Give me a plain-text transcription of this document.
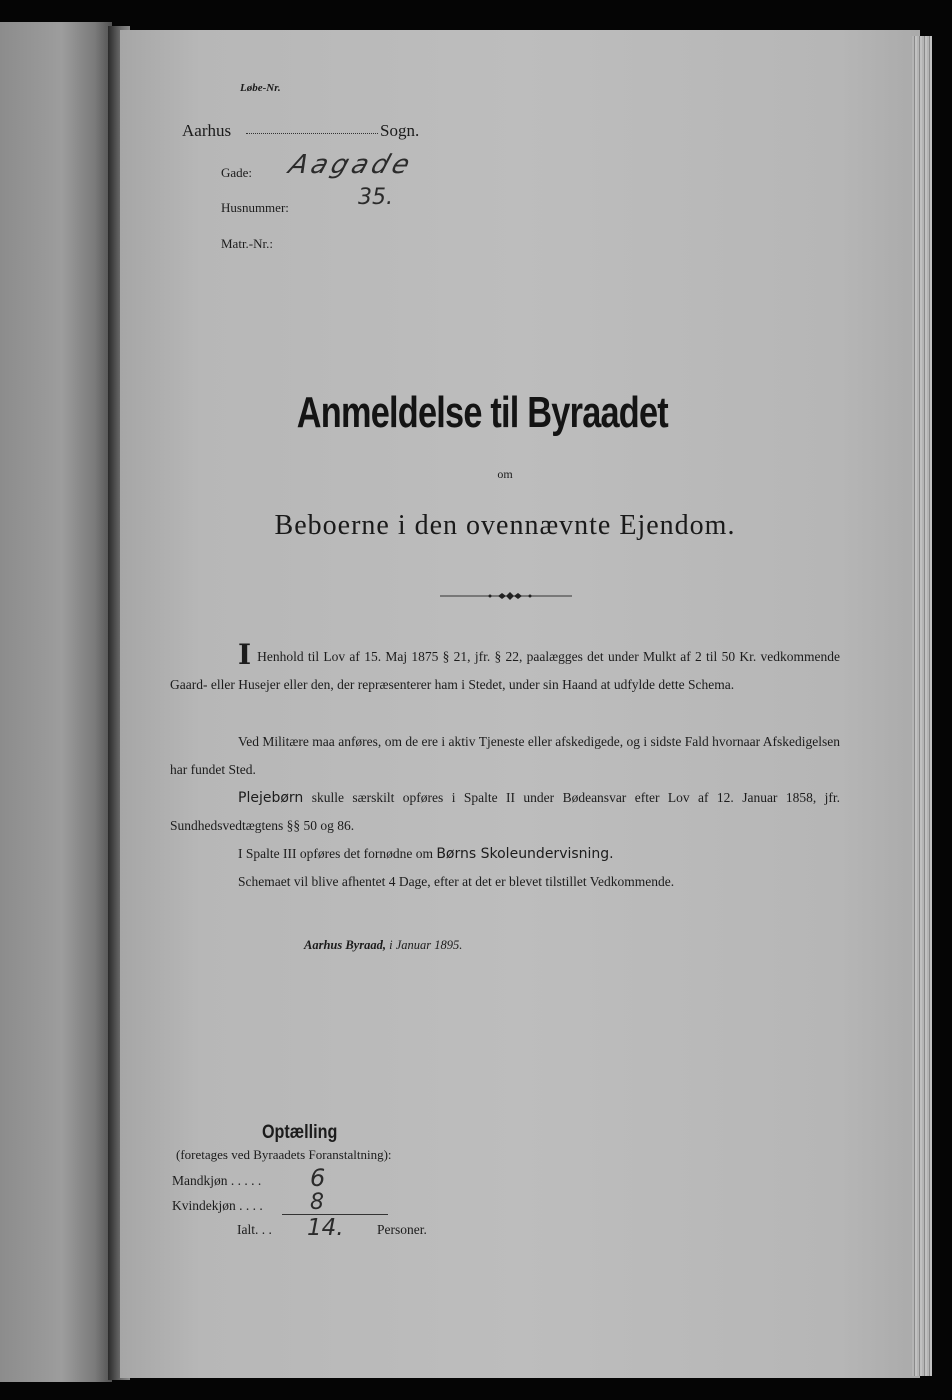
Løbe-Nr.
Aarhus	Sogn.
Gade: Aagade
Husnummer:	35.
Matr.-Nr.:
Anmeldelse til Byraadet
om
Beboerne i den ovennævnte Ejendom.
I Henhold til Lov af 15. Maj 1875 § 21, jfr. § 22, paalægges det under Mulkt af 2 til 50 Kr. vedkommende Gaard- eller Husejer eller den, der repræsenterer ham i Stedet, under sin Haand at udfylde dette Schema.
Ved Militære maa anføres, om de ere i aktiv Tjeneste eller afskedigede, og i sidste Fald hvornaar Afskedigelsen har fundet Sted.
Plejebørn skulle særskilt opføres i Spalte II under Bødeansvar efter Lov af 12. Januar 1858, jfr. Sundhedsvedtægtens §§ 50 og 86.
I Spalte III opføres det fornødne om Børns Skoleundervisning.
Schemaet vil blive afhentet 4 Dage, efter at det er blevet tilstillet Vedkommende.
Aarhus Byraad, i Januar 1895.
Optælling
(foretages ved Byraadets Foranstaltning):
Mandkjøn . . . . . 6
Kvindekjøn . . . . 8
Ialt. . . 14. Personer.
